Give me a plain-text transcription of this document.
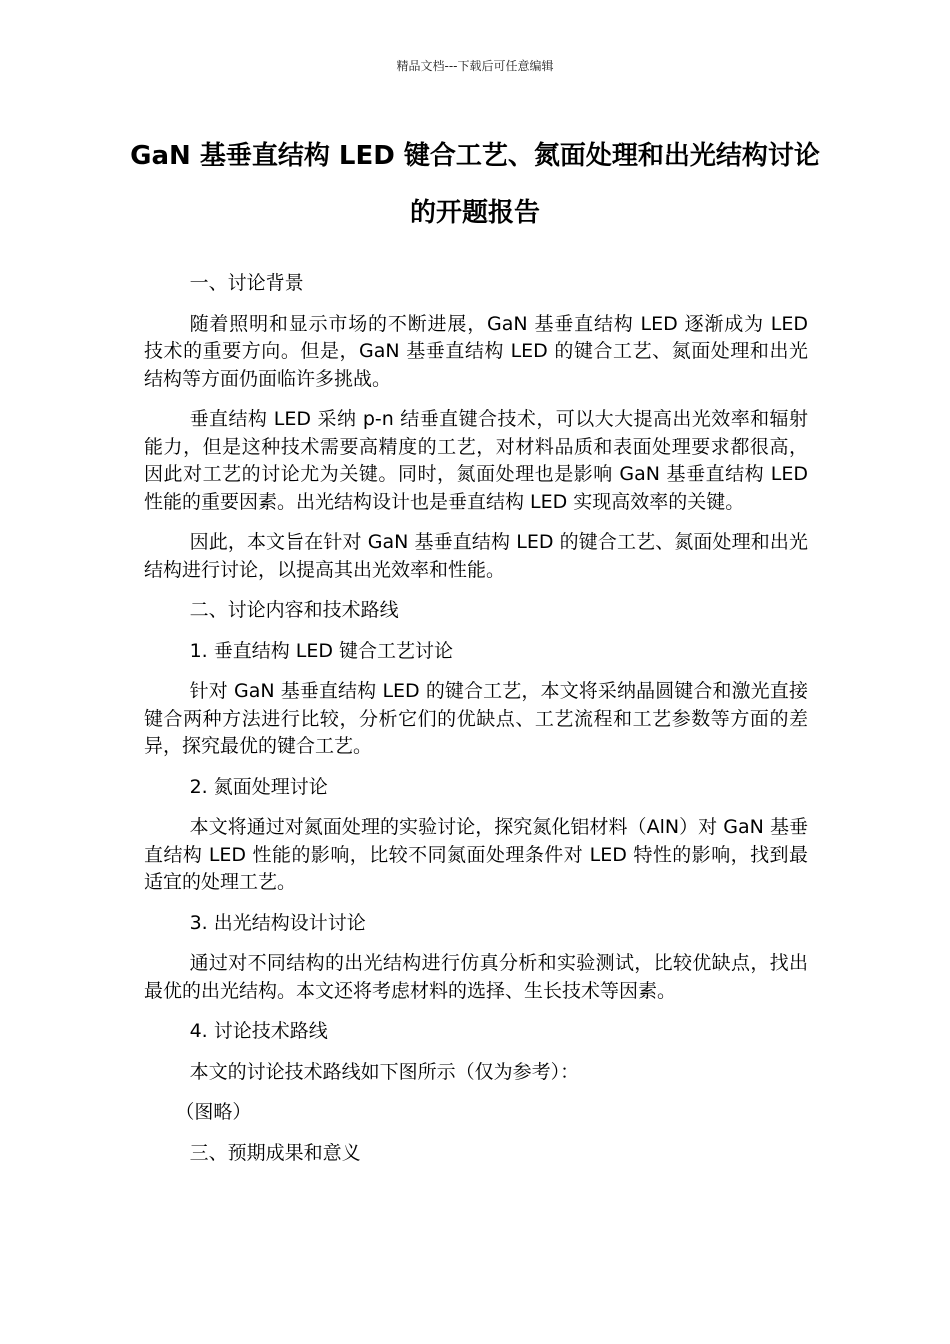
精品文档---下载后可任意编辑
GaN 基垂直结构 LED 键合工艺、氮面处理和出光结构讨论的开题报告

一、讨论背景

随着照明和显示市场的不断进展，GaN 基垂直结构 LED 逐渐成为 LED 技术的重要方向。但是，GaN 基垂直结构 LED 的键合工艺、氮面处理和出光结构等方面仍面临许多挑战。

垂直结构 LED 采纳 p-n 结垂直键合技术，可以大大提高出光效率和辐射能力，但是这种技术需要高精度的工艺，对材料品质和表面处理要求都很高，因此对工艺的讨论尤为关键。同时，氮面处理也是影响 GaN 基垂直结构 LED 性能的重要因素。出光结构设计也是垂直结构 LED 实现高效率的关键。

因此，本文旨在针对 GaN 基垂直结构 LED 的键合工艺、氮面处理和出光结构进行讨论，以提高其出光效率和性能。

二、讨论内容和技术路线

1. 垂直结构 LED 键合工艺讨论

针对 GaN 基垂直结构 LED 的键合工艺，本文将采纳晶圆键合和激光直接键合两种方法进行比较，分析它们的优缺点、工艺流程和工艺参数等方面的差异，探究最优的键合工艺。

2. 氮面处理讨论

本文将通过对氮面处理的实验讨论，探究氮化铝材料（AlN）对 GaN 基垂直结构 LED 性能的影响，比较不同氮面处理条件对 LED 特性的影响，找到最适宜的处理工艺。

3. 出光结构设计讨论

通过对不同结构的出光结构进行仿真分析和实验测试，比较优缺点，找出最优的出光结构。本文还将考虑材料的选择、生长技术等因素。

4. 讨论技术路线

本文的讨论技术路线如下图所示（仅为参考）：

（图略）

三、预期成果和意义
